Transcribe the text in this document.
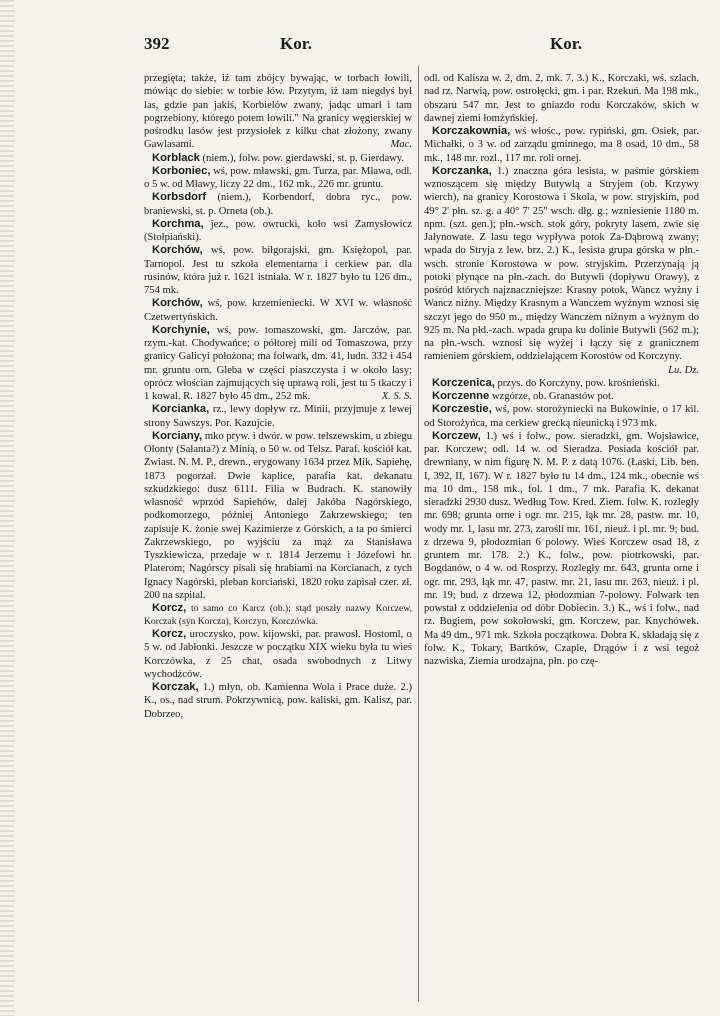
392	Kor.	Kor.

przegięta; także, iż tam zbójcy bywając, w torbach łowili, mówiąc do siebie: w torbie łów. Przytym, iż tam niegdyś był las, gdzie pan jakiś, Korbielów zwany, jadąc umarł i tam pogrzebiony, którego potem łowili." Na granicy węgierskiej w pośrodku lasów jest przysiołek z kilku chat złożony, zwany Gawlasami.	Mac.

Korblack (niem.), folw. pow. gierdawski, st. p. Gierdawy.

Korboniec, wś, pow. mławski, gm. Turza, par. Mława, odl. o 5 w. od Mławy, liczy 22 dm., 162 mk., 226 mr. gruntu.

Korbsdorf (niem.), Korbendorf, dobra ryc., pow. braniewski, st. p. Orneta (ob.).

Korchma, jez., pow. owrucki, koło wsi Zamysłowicz (Stołpiański).

Korchów, wś, pow. biłgorajski, gm. Księżopol, par. Tarnopol. Jest tu szkoła elementarna i cerkiew par. dla rusinów, która już r. 1621 istniała. W r. 1827 było tu 126 dm., 754 mk.

Korchów, wś, pow. krzemieniecki. W XVI w. własność Czetwertyńskich.

Korchynie, wś, pow. tomaszowski, gm. Jarczów, par. rzym.-kat. Chodywańce; o półtorej mili od Tomaszowa, przy granicy Galicyi położona; ma folwark, dm. 41, ludn. 332 i 454 mr. gruntu orn. Gleba w części piaszczysta i w około lasy; oprócz włościan zajmujących się uprawą roli, jest tu 5 tkaczy i 1 kowal. R. 1827 było 45 dm., 252 mk.	X. S. S.

Korcianka, rz., lewy dopływ rz. Minii, przyjmuje z lewej strony Sawszys. Por. Kazujcie.

Korciany, mko pryw. i dwór. w pow. telszewskim, u zbiegu Ołonty (Sałanta?) z Minią, o 50 w. od Telsz. Paraf. kościół kat. Zwiast. N. M. P., drewn., erygowany 1634 przez Mik. Sapiehę, 1873 pogorzał. Dwie kaplice, parafia kat. dekanatu szkudzkiego: dusz 6111. Filia w Budrach. K. stanowiły własność wprzód Sapiehów, dalej Jakóba Nagórskiego, podkomorzego, później Antoniego Zakrzewskiego; ten zapisuje K. żonie swej Kazimierze z Górskich, a ta po śmierci Zakrzewskiego, po wyjściu za mąż za Stanisława Tyszkiewicza, przedaje w r. 1814 Jerzemu i Józefowi hr. Platerom; Nagórscy pisali się hrabiami na Korcianach, z tych Ignacy Nagórski, pleban korciański, 1820 roku zapisał czer. zł. 200 na szpital.

Korcz, to samo co Karcz (ob.); stąd poszły nazwy Korczew, Korczak (syn Korcza), Korczyn, Korczówka.

Korcz, uroczysko, pow. kijowski, par. prawosł. Hostoml, o 5 w. od Jabłonki. Jeszcze w początku XIX wieku była tu wieś Korczówka, z 25 chat, osada swobodnych z Litwy wychodźców.

Korczak, 1.) młyn, ob. Kamienna Wola i Prace duże. 2.) K., os., nad strum. Pokrzywnicą, pow. kaliski, gm. Kalisz, par. Dobrzeo,

odl. od Kalisza w. 2, dm. 2, mk. 7. 3.) K., Korczaki, wś. szlach. nad rz. Narwią, pow. ostrołęcki, gm. i par. Rzekuń. Ma 198 mk., obszaru 547 mr. Jest to gniazdo rodu Korczaków, skich w dawnej ziemi łomżyńskiej.

Korczakownia, wś włośc., pow. rypiński, gm. Osiek, par. Michałki, o 3 w. od zarządu gminnego, ma 8 osad, 10 dm., 58 mk., 148 mr. rozl., 117 mr. roli ornej.

Korczanka, 1.) znaczna góra lesista, w paśmie górskiem wznoszącem się między Butywlą a Stryjem (ob. Krzywy wierch), na granicy Korostowa i Skola, w pow. stryjskim, pod 49° 2' płn. sz. g. a 40° 7' 25" wsch. dłg. g.; wzniesienie 1180 m. npm. (szt. gen.); płn.-wsch. stok góry, pokryty lasem, zwie się Jałynowate. Z lasu tego wypływa potok Za-Dąbrową zwany; wpada do Stryja z lew. brz. 2.) K., lesista grupa górska w płn.-wsch. stronie Korostowa w pow. stryjskim. Przerzynają ją potoki płynące na płn.-zach. do Butywli (dopływu Orawy), z pośród których najznaczniejsze: Krasny potok, Wancz wyżny i Wancz niżny. Między Krasnym a Wanczem wyżnym wznosi się szczyt jego do 950 m., między Wanczem niżnym a wyżnym do 925 m. Na płd.-zach. wpada grupa ku dolinie Butywli (562 m.); na płn.-wsch. wznosi się wyżej i łączy się z granicznem ramieniem górskiem, oddzielającem Korostów od Korczyny.
Lu. Dz.

Korczenica, przys. do Korczyny, pow. krośnieński.

Korczenne wzgórze, ob. Granastów pot.

Korczestie, wś, pow. storożyniecki na Bukowinie, o 17 kil. od Storożyńca, ma cerkiew grecką nieunicką i 973 mk.

Korczew, 1.) wś i folw., pow. sieradzki, gm. Wojsławice, par. Korczew; odl. 14 w. od Sieradza. Posiada kościół par. drewniany, w nim figurę N. M. P. z datą 1076. (Łaski, Lib. ben. I, 392, II, 167). W r. 1827 było tu 14 dm., 124 mk., obecnie wś ma 10 dm., 158 mk., fol. 1 dm., 7 mk. Parafia K. dekanat sieradzki 2930 dusz. Według Tow. Kred. Ziem. folw. K. rozległy mr. 698; grunta orne i ogr. mr. 215, łąk mr. 28, pastw. mr. 10, wody mr. 1, lasu mr. 273, zarośli mr. 161, nieuż. i pl. mr. 9; bud. z drzewa 9, płodozmian 6 polowy. Wieś Korczew osad 18, z gruntem mr. 178. 2.) K., folw., pow. piotrkowski, par. Bogdanów, o 4 w. od Rosprzy. Rozległy mr. 643, grunta orne i ogr. mr. 293, łąk mr. 47, pastw. mr. 21, lasu mr. 263, nieuż. i pl. mr. 19; bud. z drzewa 12, płodozmian 7-polowy. Folwark ten powstał z oddzielenia od dóbr Dobiecin. 3.) K., wś i folw., nad rz. Bugiem, pow sokołowski, gm. Korczew, par. Knychówek. Ma 49 dm., 971 mk. Szkoła początkowa. Dobra K. składają się z folw. K., Tokary, Bartków, Czaple, Drągów i z wsi tegoż nazwiska, Ziemia urodzajna, płn. po czę-
